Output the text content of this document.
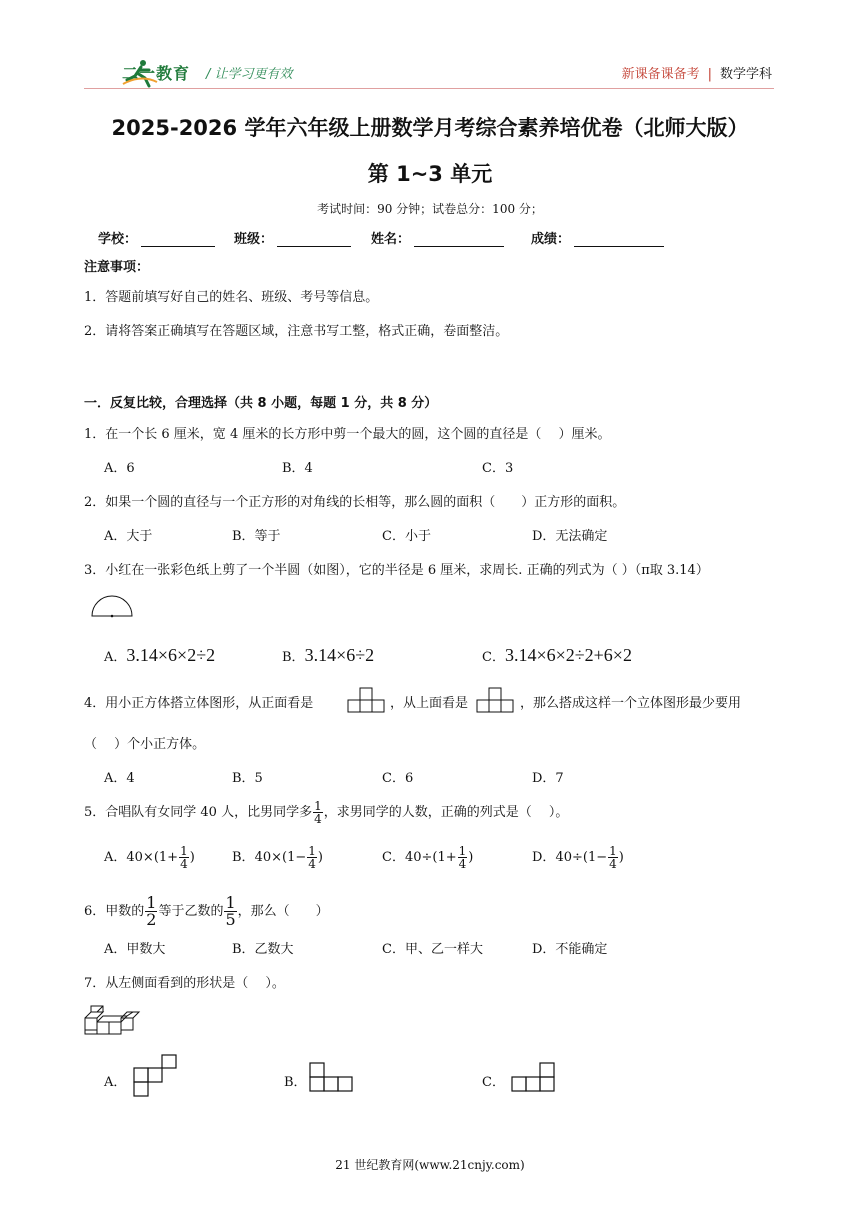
二一教育 / 让学习更有效	新课备课备考 | 数学学科
2025-2026 学年六年级上册数学月考综合素养培优卷（北师大版）
第 1~3 单元
考试时间：90 分钟；试卷总分：100 分；
学校：	班级：	姓名：	成绩：
注意事项：
1．答题前填写好自己的姓名、班级、考号等信息。
2．请将答案正确填写在答题区域，注意书写工整，格式正确，卷面整洁。
一．反复比较，合理选择（共 8 小题，每题 1 分，共 8 分）
1．在一个长 6 厘米，宽 4 厘米的长方形中剪一个最大的圆，这个圆的直径是（　 ）厘米。
A．6	B．4	C．3
2．如果一个圆的直径与一个正方形的对角线的长相等，那么圆的面积（　　）正方形的面积。
A．大于	B．等于	C．小于	D．无法确定
3．小红在一张彩色纸上剪了一个半圆（如图），它的半径是 6 厘米，求周长. 正确的列式为（ ）（π取 3.14）
A．3.14×6×2÷2	B．3.14×6÷2	C．3.14×6×2÷2+6×2
4．用小正方体搭立体图形，从正面看是	，从上面看是	，那么搭成这样一个立体图形最少要用
（　 ）个小正方体。
A．4	B．5	C．6	D．7
5．合唱队有女同学 40 人，比男同学多 $\frac{1}{4}$ ，求男同学的人数，正确的列式是（　 ）。
A．$40\times(1+ \frac{1}{4}$ )	B．$40\times(1- \frac{1}{4}$ )	C．$40\div(1+ \frac{1}{4}$ )	D．$40\div(1- \frac{1}{4}$ )
6．甲数的 $\frac{1}{2}$ 等于乙数的 $\frac{1}{5}$ ，那么（　　）
A．甲数大	B．乙数大	C．甲、乙一样大	D．不能确定
7．从左侧面看到的形状是（　 ）。
A．	B．	C．
21 世纪教育网(www.21cnjy.com)
